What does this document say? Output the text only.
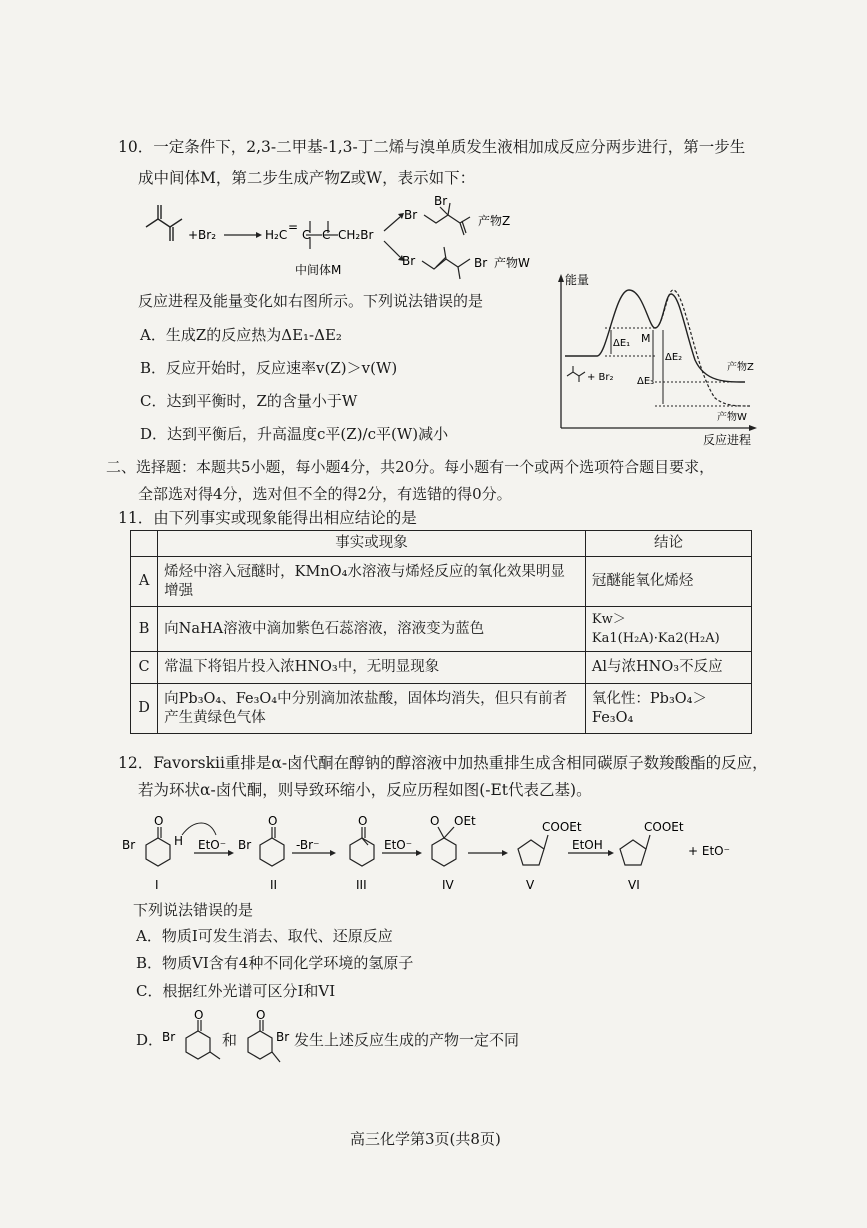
10．一定条件下，2,3-二甲基-1,3-丁二烯与溴单质发生液相加成反应分两步进行，第一步生
成中间体M，第二步生成产物Z或W，表示如下：
+Br₂	H₂C
=
C C CH₂Br
中间体M
Br
Br
产物Z
Br	Br 产物W
反应进程及能量变化如右图所示。下列说法错误的是
A．生成Z的反应热为ΔE₁-ΔE₂
B．反应开始时，反应速率v(Z)＞v(W)
C．达到平衡时，Z的含量小于W
D．达到平衡后，升高温度c平(Z)/c平(W)减小
能量
反应进程
ΔE₁ M
ΔE₂
ΔE₃
+ Br₂
产物Z
产物W
二、选择题：本题共5小题，每小题4分，共20分。每小题有一个或两个选项符合题目要求，
全部选对得4分，选对但不全的得2分，有选错的得0分。
11．由下列事实或现象能得出相应结论的是
	事实或现象	结论
A	烯烃中溶入冠醚时，KMnO₄水溶液与烯烃反应的氧化效果明显增强	冠醚能氧化烯烃
B	向NaHA溶液中滴加紫色石蕊溶液，溶液变为蓝色	Kw＞Ka1(H₂A)·Ka2(H₂A)
C	常温下将铝片投入浓HNO₃中，无明显现象	Al与浓HNO₃不反应
D	向Pb₃O₄、Fe₃O₄中分别滴加浓盐酸，固体均消失，但只有前者产生黄绿色气体	氧化性：Pb₃O₄＞Fe₃O₄
12．Favorskii重排是α-卤代酮在醇钠的醇溶液中加热重排生成含相同碳原子数羧酸酯的反应，
若为环状α-卤代酮，则导致环缩小，反应历程如图(-Et代表乙基)。
O
Br	H
I
EtO⁻ Br
O
II
-Br⁻
O
III
EtO⁻
O OEt
IV
COOEt
V
EtOH
COOEt
VI
+ EtO⁻
下列说法错误的是
A．物质I可发生消去、取代、还原反应
B．物质VI含有4种不同化学环境的氢原子
C．根据红外光谱可区分I和VI
D．
O
Br	和
O
Br 发生上述反应生成的产物一定不同
高三化学第3页(共8页)
